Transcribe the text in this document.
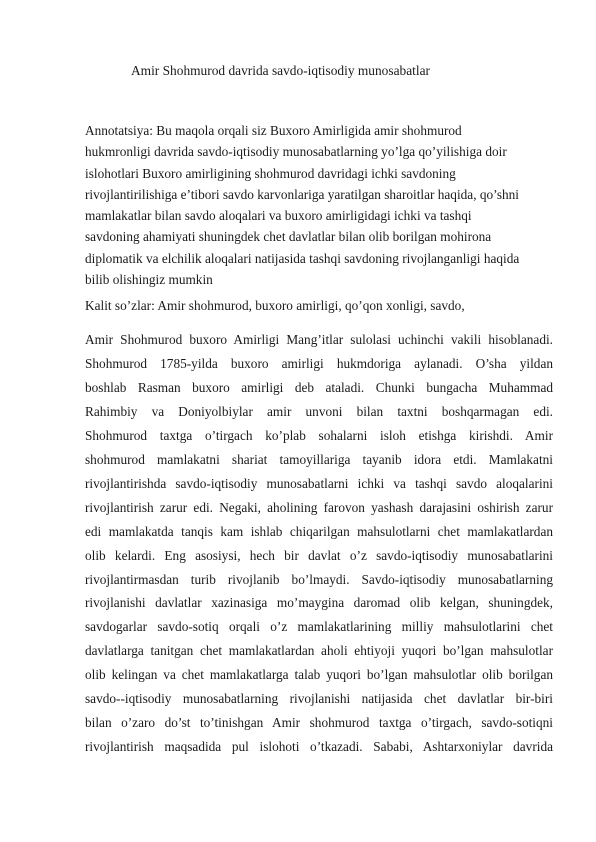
Amir Shohmurod davrida savdo-iqtisodiy munosabatlar
Annotatsiya: Bu maqola orqali siz Buxoro Amirligida amir shohmurod
hukmronligi davrida savdo-iqtisodiy munosabatlarning yo’lga qo’yilishiga doir
islohotlari Buxoro amirligining shohmurod davridagi ichki savdoning
rivojlantirilishiga e’tibori savdo karvonlariga yaratilgan sharoitlar haqida, qo’shni
mamlakatlar bilan savdo aloqalari va buxoro amirligidagi ichki va tashqi
savdoning ahamiyati shuningdek chet davlatlar bilan olib borilgan mohirona
diplomatik va elchilik aloqalari natijasida tashqi savdoning rivojlanganligi haqida
bilib olishingiz mumkin
Kalit so’zlar: Amir shohmurod, buxoro amirligi, qo’qon xonligi, savdo,
Amir Shohmurod buxoro Amirligi Mang’itlar sulolasi uchinchi vakili hisoblanadi.
Shohmurod 1785-yilda buxoro amirligi hukmdoriga aylanadi. O’sha yildan
boshlab Rasman buxoro amirligi deb ataladi. Chunki bungacha Muhammad
Rahimbiy va Doniyolbiylar amir unvoni bilan taxtni boshqarmagan edi.
Shohmurod taxtga o’tirgach ko’plab sohalarni isloh etishga kirishdi. Amir
shohmurod mamlakatni shariat tamoyillariga tayanib idora etdi. Mamlakatni
rivojlantirishda savdo-iqtisodiy munosabatlarni ichki va tashqi savdo aloqalarini
rivojlantirish zarur edi. Negaki, aholining farovon yashash darajasini oshirish zarur
edi mamlakatda tanqis kam ishlab chiqarilgan mahsulotlarni chet mamlakatlardan
olib kelardi. Eng asosiysi, hech bir davlat o’z savdo-iqtisodiy munosabatlarini
rivojlantirmasdan turib rivojlanib bo’lmaydi. Savdo-iqtisodiy munosabatlarning
rivojlanishi davlatlar xazinasiga mo’maygina daromad olib kelgan, shuningdek,
savdogarlar savdo-sotiq orqali o’z mamlakatlarining milliy mahsulotlarini chet
davlatlarga tanitgan chet mamlakatlardan aholi ehtiyoji yuqori bo’lgan mahsulotlar
olib kelingan va chet mamlakatlarga talab yuqori bo’lgan mahsulotlar olib borilgan
savdo--iqtisodiy munosabatlarning rivojlanishi natijasida chet davlatlar bir-biri
bilan o’zaro do’st to’tinishgan Amir shohmurod taxtga o’tirgach, savdo-sotiqni
rivojlantirish maqsadida pul islohoti o’tkazadi. Sababi, Ashtarxoniylar davrida
